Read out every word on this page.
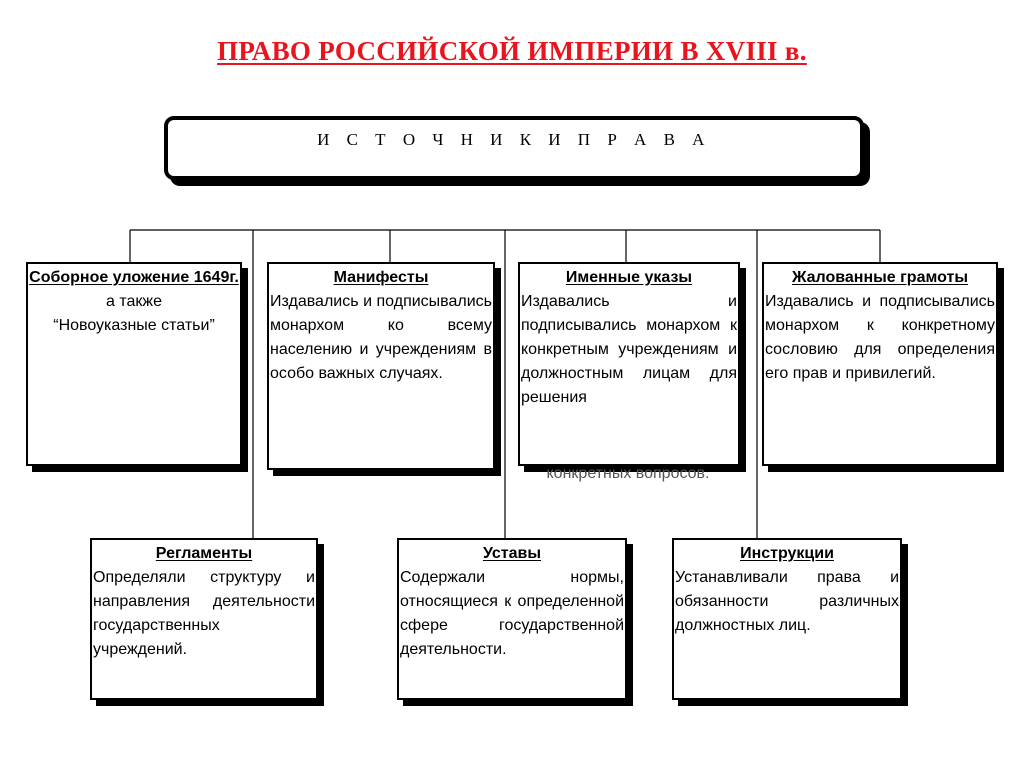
ПРАВО РОССИЙСКОЙ ИМПЕРИИ В XVIII в.
И С Т О Ч Н И К И П Р А В А
Соборное уложение 1649г.
а также
“Новоуказные статьи”
Манифесты
Издавались и подписывались монархом ко всему населению и учреждениям в особо важных случаях.
Именные указы
Издавались и подписывались монархом к конкретным учреждениям и должностным лицам для решения
конкретных вопросов.
Жалованные грамоты
Издавались и подписывались монархом к конкретному сословию для определения его прав и привилегий.
Регламенты
Определяли структуру и направления деятельности государственных учреждений.
Уставы
Содержали нормы, относящиеся к определенной сфере государственной деятельности.
Инструкции
Устанавливали права и обязанности различных должностных лиц.
